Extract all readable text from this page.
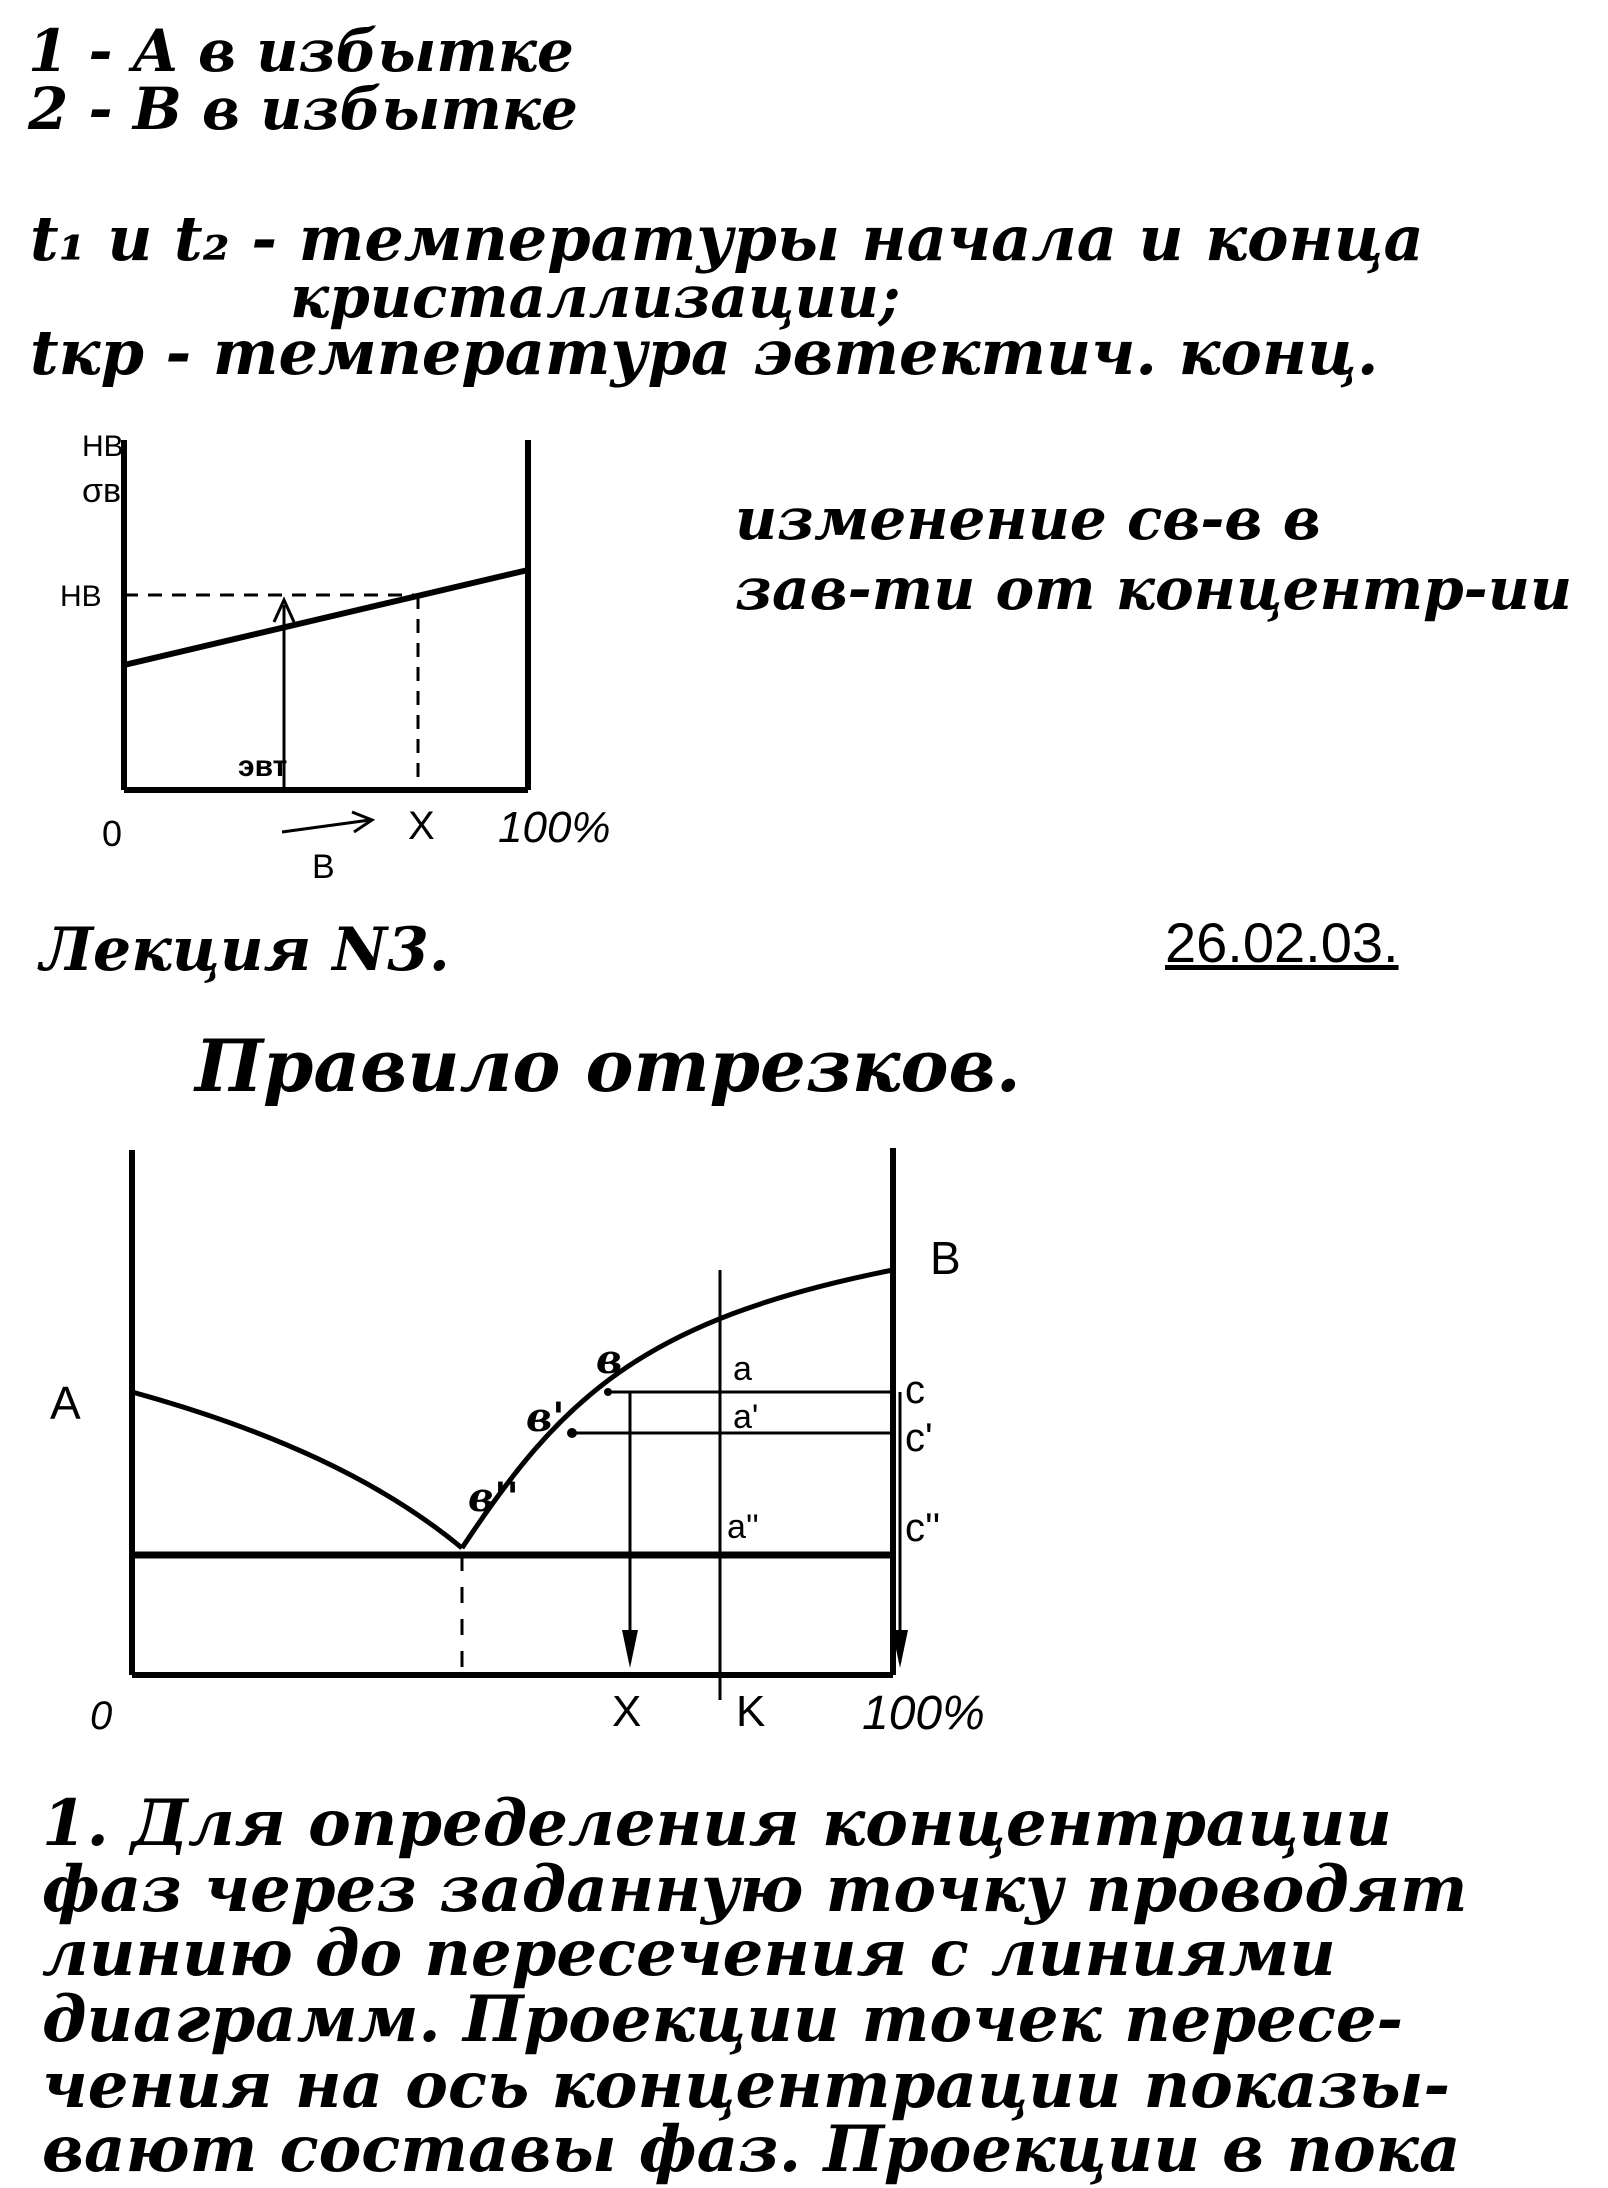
1 - A в избытке
2 - B в избытке
t₁ и t₂ - температуры начала и конца
кристаллизации;
tкр - температура эвтектич. конц.
HB
σв
HB
эвт
0	X 100%
B
изменение св-в в
зав-ти от концентр-ии
Лекция N3.	26.02.03.
Правило отрезков.
A
B
в
в'
в''
a
a'
a''
c
c'
c''
0	X K 100%
1. Для определения концентрации
фаз через заданную точку проводят
линию до пересечения с линиями
диаграмм. Проекции точек пересе-
чения на ось концентрации показы-
вают составы фаз. Проекции в пока
